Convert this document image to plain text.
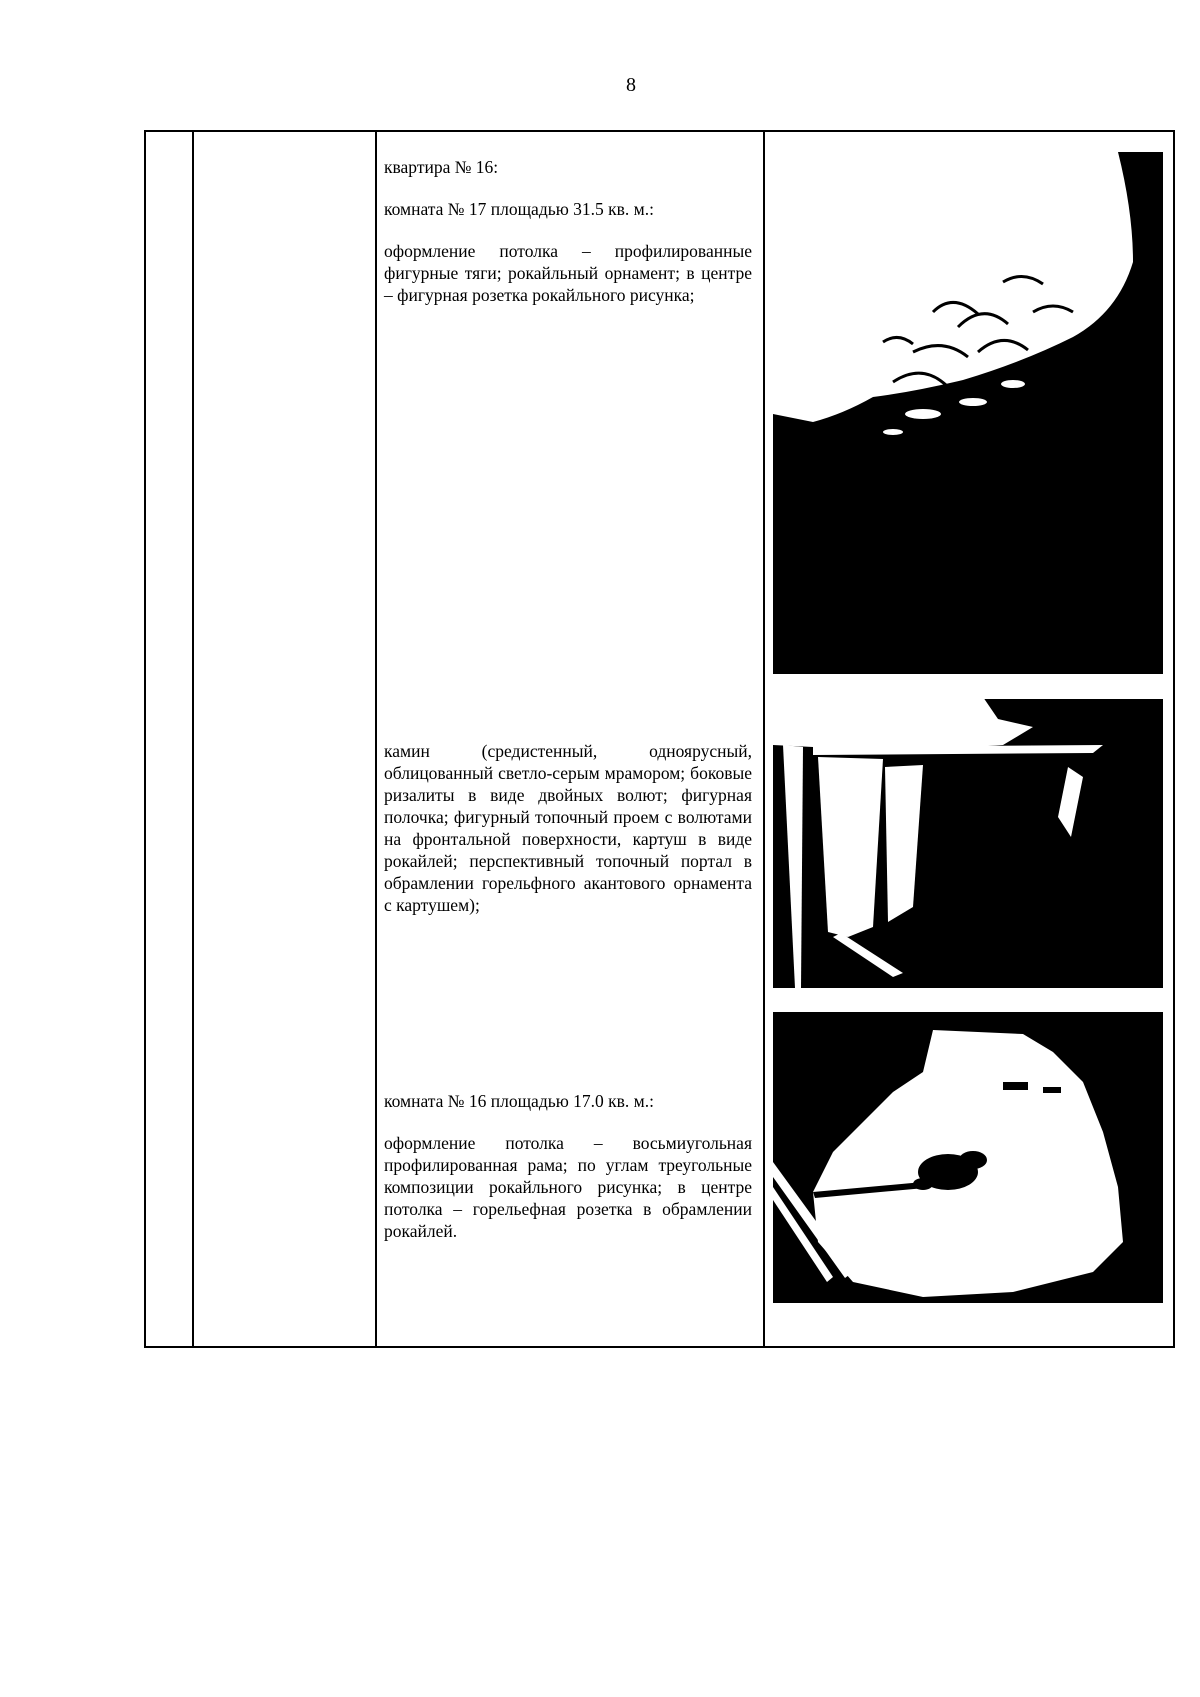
8

квартира № 16:

комната № 17 площадью 31.5 кв. м.:

оформление потолка – профилированные фигурные тяги; рокайльный орнамент; в центре – фигурная розетка рокайльного рисунка;

камин (средистенный, одноярусный, облицованный светло-серым мрамором; боковые ризалиты в виде двойных волют; фигурная полочка; фигурный топочный проем с волютами на фронтальной поверхности, картуш в виде рокайлей; перспективный топочный портал в обрамлении горельфного акантового орнамента с картушем);

комната № 16 площадью 17.0 кв. м.:

оформление потолка – восьмиугольная профилированная рама; по углам треугольные композиции рокайльного рисунка; в центре потолка – горельефная розетка в обрамлении рокайлей.
